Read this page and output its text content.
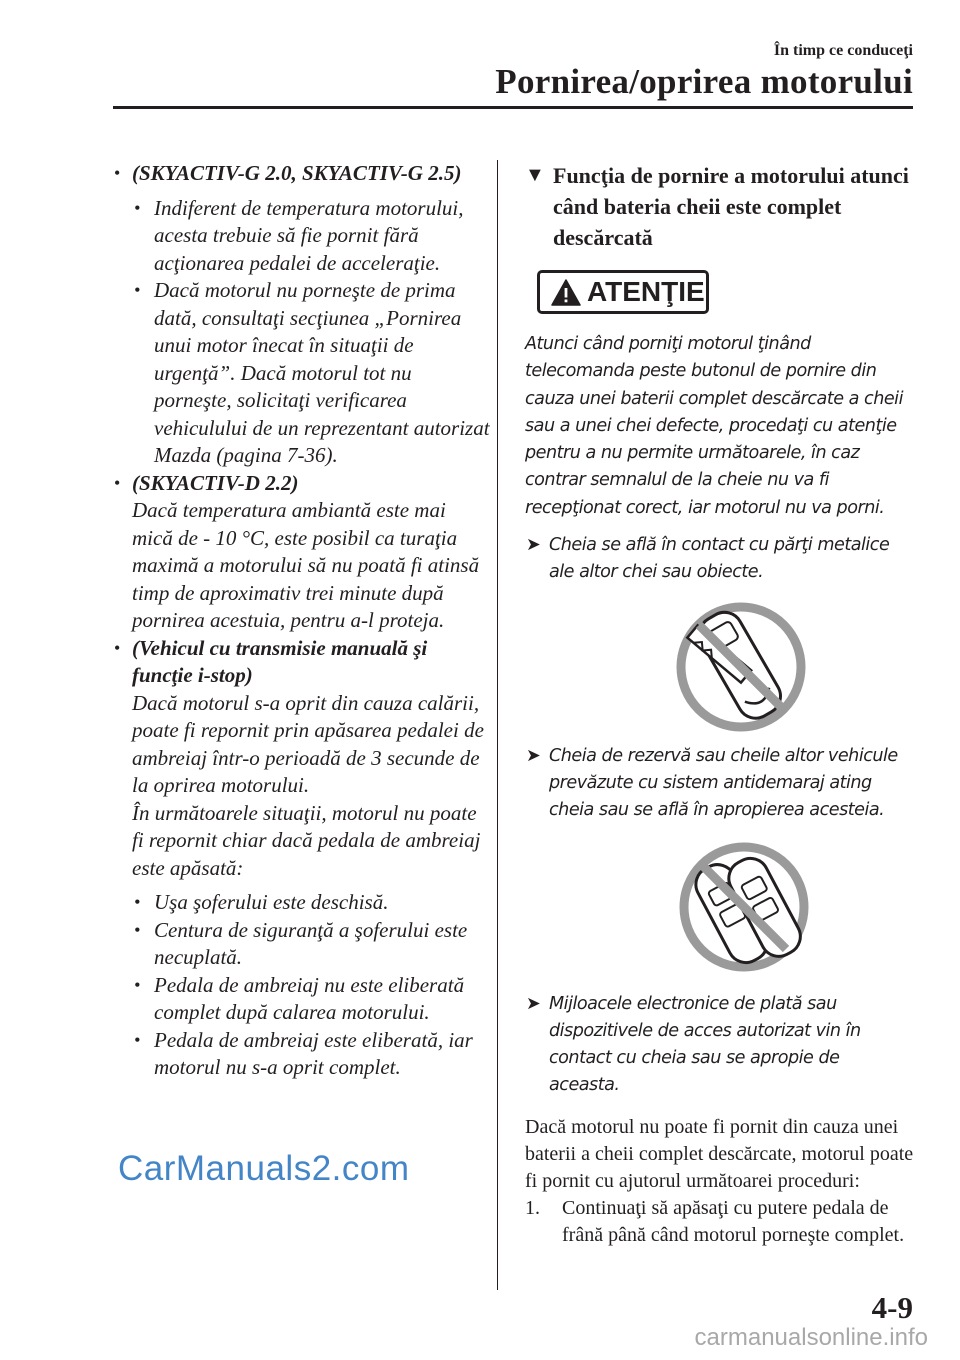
În timp ce conduceţi
Pornirea/oprirea motorului
• (SKYACTIV-G 2.0, SKYACTIV-G 2.5)
• Indiferent de temperatura motorului, acesta trebuie să fie pornit fără acţionarea pedalei de acceleraţie.
• Dacă motorul nu porneşte de prima dată, consultaţi secţiunea „Pornirea unui motor înecat în situaţii de urgenţă”. Dacă motorul tot nu porneşte, solicitaţi verificarea vehiculului de un reprezentant autorizat Mazda (pagina 7-36).
• (SKYACTIV-D 2.2)
Dacă temperatura ambiantă este mai mică de - 10 °C, este posibil ca turaţia maximă a motorului să nu poată fi atinsă timp de aproximativ trei minute după pornirea acestuia, pentru a-l proteja.
• (Vehicul cu transmisie manuală şi funcţie i-stop)
Dacă motorul s-a oprit din cauza calării, poate fi repornit prin apăsarea pedalei de ambreiaj într-o perioadă de 3 secunde de la oprirea motorului.
În următoarele situaţii, motorul nu poate fi repornit chiar dacă pedala de ambreiaj este apăsată:
• Uşa şoferului este deschisă.
• Centura de siguranţă a şoferului este necuplată.
• Pedala de ambreiaj nu este eliberată complet după calarea motorului.
• Pedala de ambreiaj este eliberată, iar motorul nu s-a oprit complet.
▼ Funcţia de pornire a motorului atunci când bateria cheii este complet descărcată
ATENŢIE
Atunci când porniţi motorul ţinând telecomanda peste butonul de pornire din cauza unei baterii complet descărcate a cheii sau a unei chei defecte, procedaţi cu atenţie pentru a nu permite următoarele, în caz contrar semnalul de la cheie nu va fi recepţionat corect, iar motorul nu va porni.
➤ Cheia se află în contact cu părţi metalice ale altor chei sau obiecte.
➤ Cheia de rezervă sau cheile altor vehicule prevăzute cu sistem antidemaraj ating cheia sau se află în apropierea acesteia.
➤ Mijloacele electronice de plată sau dispozitivele de acces autorizat vin în contact cu cheia sau se apropie de aceasta.
Dacă motorul nu poate fi pornit din cauza unei baterii a cheii complet descărcate, motorul poate fi pornit cu ajutorul următoarei proceduri:
1. Continuaţi să apăsaţi cu putere pedala de frână până când motorul porneşte complet.
CarManuals2.com
4-9
carmanualsonline.info
